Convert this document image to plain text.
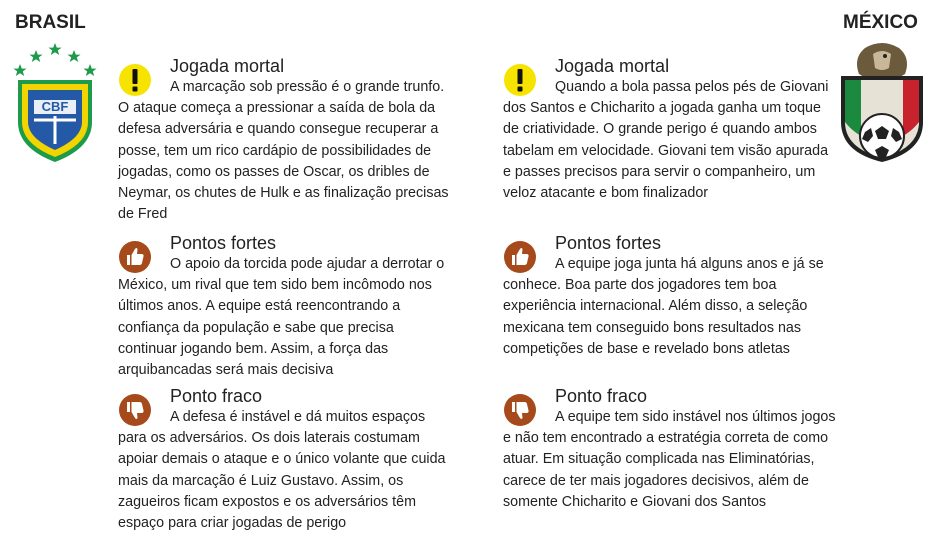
BRASIL
CBF
MÉXICO
Jogada mortal

A marcação sob pressão é o grande trunfo. O ataque começa a pressionar a saída de bola da defesa adversária e quando consegue recuperar a posse, tem um rico cardápio de possibilidades de jogadas, como os passes de Oscar, os dribles de Neymar, os chutes de Hulk e as finalização precisas de Fred

Pontos fortes

O apoio da torcida pode ajudar a derrotar o México, um rival que tem sido bem incômodo nos últimos anos. A equipe está reencontrando a confiança da população e sabe que precisa continuar jogando bem. Assim, a força das arquibancadas será mais decisiva

Ponto fraco

A defesa é instável e dá muitos espaços para os adversários. Os dois laterais costumam apoiar demais o ataque e o único volante que cuida mais da marcação é Luiz Gustavo. Assim, os zagueiros ficam expostos e os adversários têm espaço para criar jogadas de perigo

Jogada mortal

Quando a bola passa pelos pés de Giovani dos Santos e Chicharito a jogada ganha um toque de criatividade. O grande perigo é quando ambos tabelam em velocidade. Giovani tem visão apurada e passes precisos para servir o companheiro, um veloz atacante e bom finalizador

Pontos fortes

A equipe joga junta há alguns anos e já se conhece. Boa parte dos jogadores tem boa experiência internacional. Além disso, a seleção mexicana tem conseguido bons resultados nas competições de base e revelado bons atletas

Ponto fraco

A equipe tem sido instável nos últimos jogos e não tem encontrado a estratégia correta de como atuar. Em situação complicada nas Eliminatórias, carece de ter mais jogadores decisivos, além de somente Chicharito e Giovani dos Santos
